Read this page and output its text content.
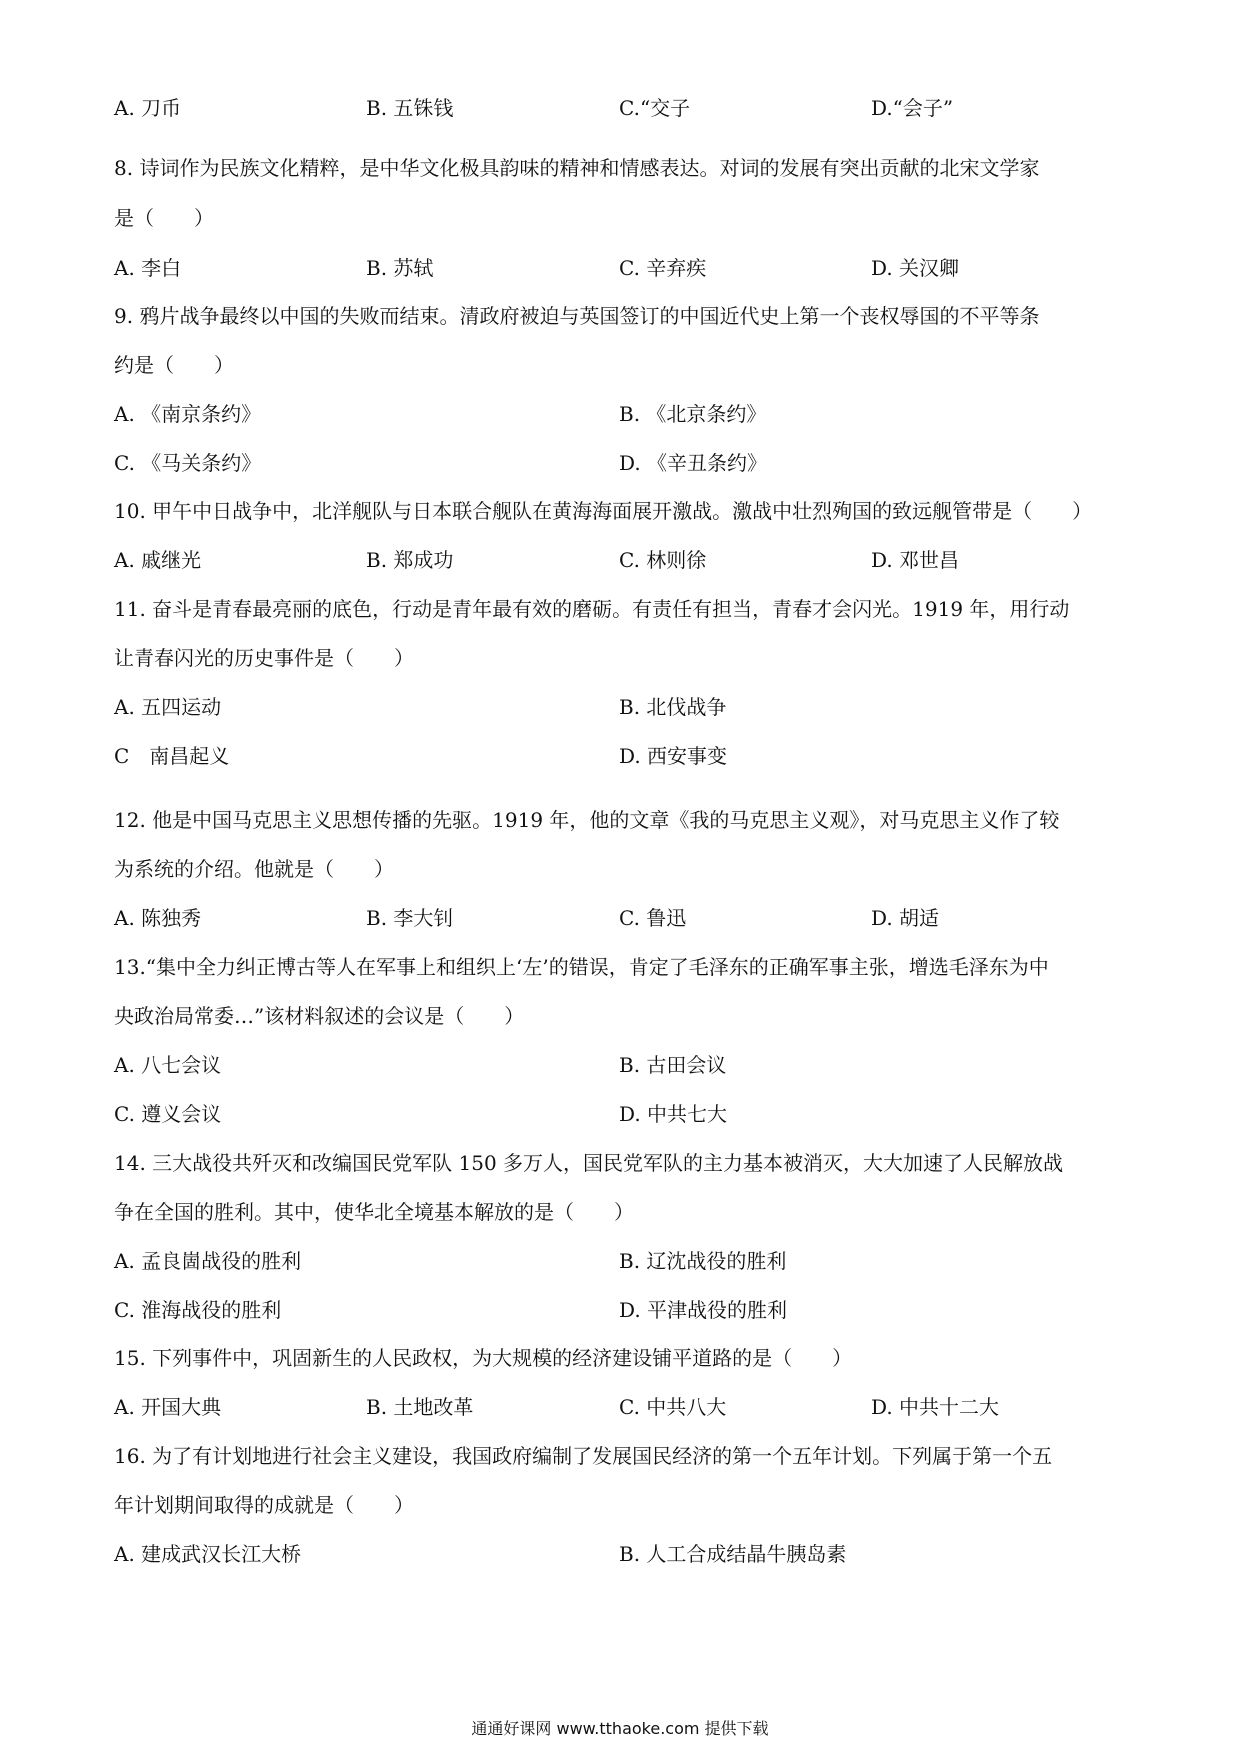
A. 刀币	B. 五铢钱	C.“交子	D.“会子”
8. 诗词作为民族文化精粹，是中华文化极具韵味的精神和情感表达。对词的发展有突出贡献的北宋文学家
是（　　）
A. 李白	B. 苏轼	C. 辛弃疾	D. 关汉卿
9. 鸦片战争最终以中国的失败而结束。清政府被迫与英国签订的中国近代史上第一个丧权辱国的不平等条
约是（　　）
A. 《南京条约》	B. 《北京条约》
C. 《马关条约》	D. 《辛丑条约》
10. 甲午中日战争中，北洋舰队与日本联合舰队在黄海海面展开激战。激战中壮烈殉国的致远舰管带是（　　）
A. 戚继光	B. 郑成功	C. 林则徐	D. 邓世昌
11. 奋斗是青春最亮丽的底色，行动是青年最有效的磨砺。有责任有担当，青春才会闪光。1919 年，用行动
让青春闪光的历史事件是（　　）
A. 五四运动	B. 北伐战争
C　南昌起义	D. 西安事变
12. 他是中国马克思主义思想传播的先驱。1919 年，他的文章《我的马克思主义观》，对马克思主义作了较
为系统的介绍。他就是（　　）
A. 陈独秀	B. 李大钊	C. 鲁迅	D. 胡适
13.“集中全力纠正博古等人在军事上和组织上‘左’的错误，肯定了毛泽东的正确军事主张，增选毛泽东为中
央政治局常委…”该材料叙述的会议是（　　）
A. 八七会议	B. 古田会议
C. 遵义会议	D. 中共七大
14. 三大战役共歼灭和改编国民党军队 150 多万人，国民党军队的主力基本被消灭，大大加速了人民解放战
争在全国的胜利。其中，使华北全境基本解放的是（　　）
A. 孟良崮战役的胜利	B. 辽沈战役的胜利
C. 淮海战役的胜利	D. 平津战役的胜利
15. 下列事件中，巩固新生的人民政权，为大规模的经济建设铺平道路的是（　　）
A. 开国大典	B. 土地改革	C. 中共八大	D. 中共十二大
16. 为了有计划地进行社会主义建设，我国政府编制了发展国民经济的第一个五年计划。下列属于第一个五
年计划期间取得的成就是（　　）
A. 建成武汉长江大桥	B. 人工合成结晶牛胰岛素
通通好课网 www.tthaoke.com 提供下载
